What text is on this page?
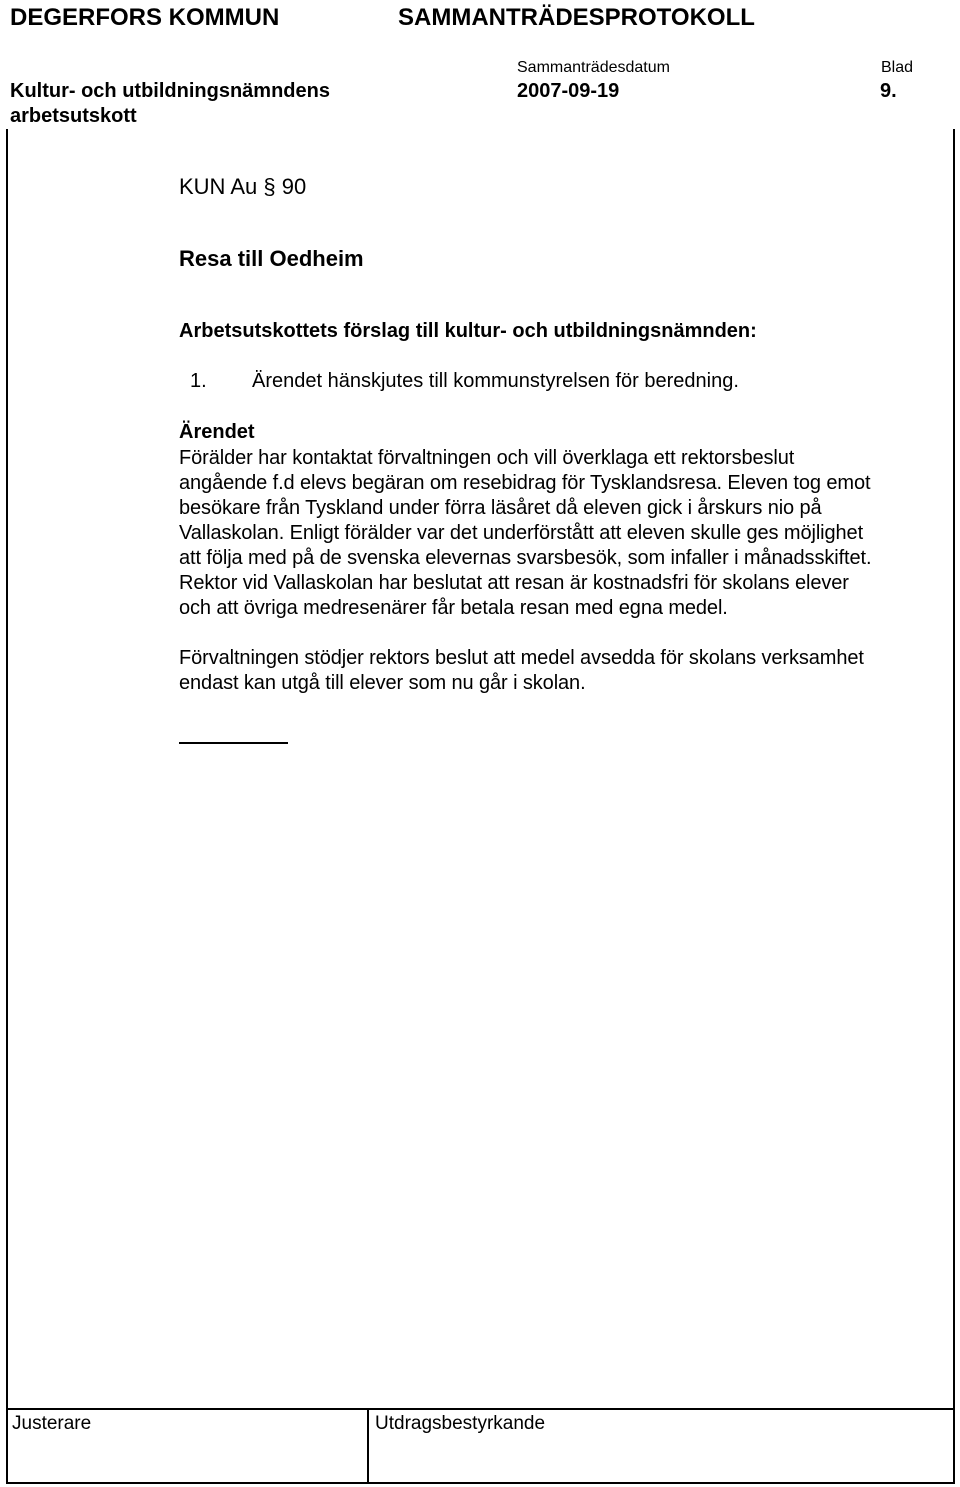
DEGERFORS KOMMUN	SAMMANTRÄDESPROTOKOLL
Sammanträdesdatum	Blad
Kultur- och utbildningsnämndens
arbetsutskott
2007-09-19	9.
KUN Au § 90
Resa till Oedheim
Arbetsutskottets förslag till kultur- och utbildningsnämnden:
1. Ärendet hänskjutes till kommunstyrelsen för beredning.
Ärendet
Förälder har kontaktat förvaltningen och vill överklaga ett rektorsbeslut
angående f.d elevs begäran om resebidrag för Tysklandsresa. Eleven tog emot
besökare från Tyskland under förra läsåret då eleven gick i årskurs nio på
Vallaskolan. Enligt förälder var det underförstått att eleven skulle ges möjlighet
att följa med på de svenska elevernas svarsbesök, som infaller i månadsskiftet.
Rektor vid Vallaskolan har beslutat att resan är kostnadsfri för skolans elever
och att övriga medresenärer får betala resan med egna medel.
Förvaltningen stödjer rektors beslut att medel avsedda för skolans verksamhet
endast kan utgå till elever som nu går i skolan.
Justerare	Utdragsbestyrkande
